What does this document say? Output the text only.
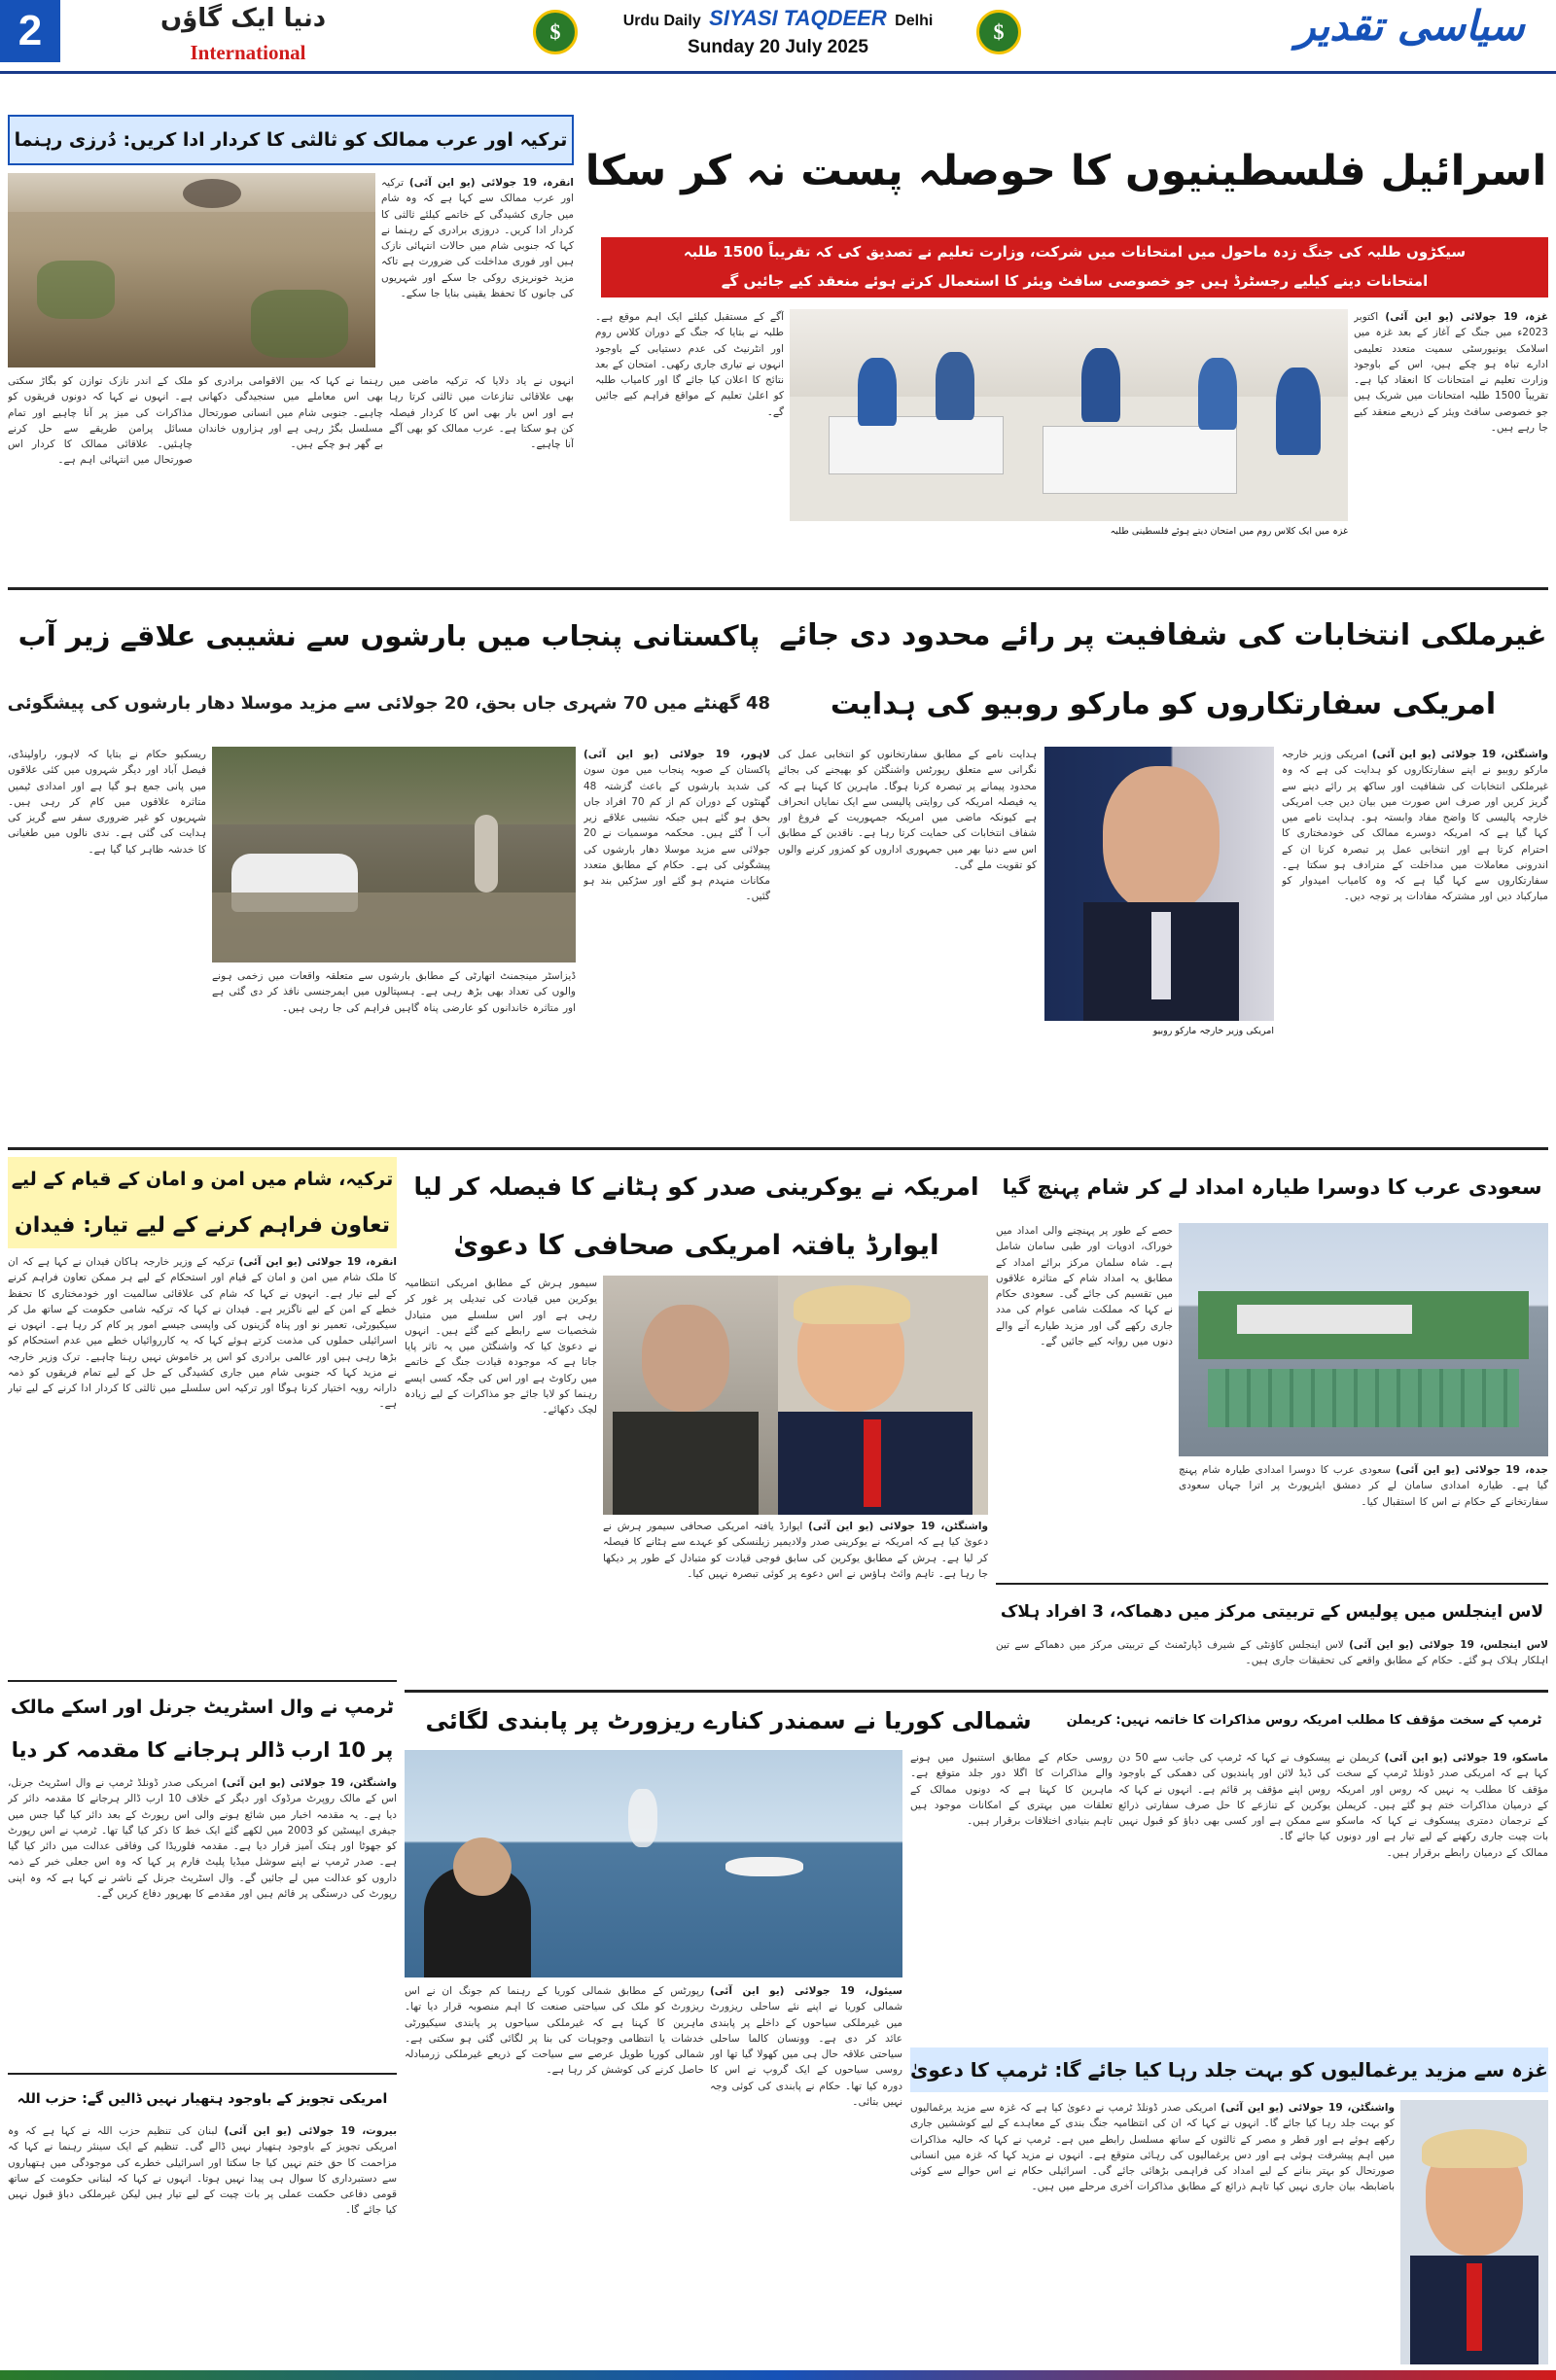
2	دنیا ایک گاؤں
International
$	Urdu Daily SIYASI TAQDEER Delhi
Sunday 20 July 2025
$	سیاسی تقدیر
ترکیہ اور عرب ممالک کو ثالثی کا کردار ادا کریں: دُرزی رہنما
انقرہ، 19 جولائی (یو این آئی) ترکیہ اور عرب ممالک سے کہا ہے کہ وہ شام میں جاری کشیدگی کے خاتمے کیلئے ثالثی کا کردار ادا کریں۔ دروزی برادری کے رہنما نے کہا کہ جنوبی شام میں حالات انتہائی نازک ہیں اور فوری مداخلت کی ضرورت ہے تاکہ مزید خونریزی روکی جا سکے اور شہریوں کی جانوں کا تحفظ یقینی بنایا جا سکے۔
ملک کے اندر نازک توازن کو بگاڑ سکتی ہے۔ انہوں نے کہا کہ دونوں فریقوں کو مذاکرات کی میز پر آنا چاہیے اور تمام مسائل پرامن طریقے سے حل کرنے چاہئیں۔ علاقائی ممالک کا کردار اس صورتحال میں انتہائی اہم ہے۔
رہنما نے کہا کہ بین الاقوامی برادری کو بھی اس معاملے میں سنجیدگی دکھانی چاہیے۔ جنوبی شام میں انسانی صورتحال مسلسل بگڑ رہی ہے اور ہزاروں خاندان بے گھر ہو چکے ہیں۔
انہوں نے یاد دلایا کہ ترکیہ ماضی میں بھی علاقائی تنازعات میں ثالثی کرتا رہا ہے اور اس بار بھی اس کا کردار فیصلہ کن ہو سکتا ہے۔ عرب ممالک کو بھی آگے آنا چاہیے۔
اسرائیل فلسطینیوں کا حوصلہ پست نہ کر سکا
سیکڑوں طلبہ کی جنگ زدہ ماحول میں امتحانات میں شرکت، وزارت تعلیم نے تصدیق کی کہ تقریباً 1500 طلبہ
امتحانات دینے کیلیے رجسٹرڈ ہیں جو خصوصی سافٹ ویئر کا استعمال کرتے ہوئے منعقد کیے جائیں گے
غزہ، 19 جولائی (یو این آئی) اکتوبر 2023ء میں جنگ کے آغاز کے بعد غزہ میں اسلامک یونیورسٹی سمیت متعدد تعلیمی ادارے تباہ ہو چکے ہیں، اس کے باوجود وزارت تعلیم نے امتحانات کا انعقاد کیا ہے۔ تقریباً 1500 طلبہ امتحانات میں شریک ہیں جو خصوصی سافٹ ویئر کے ذریعے منعقد کیے جا رہے ہیں۔
آگے کے مستقبل کیلئے ایک اہم موقع ہے۔ طلبہ نے بتایا کہ جنگ کے دوران کلاس روم اور انٹرنیٹ کی عدم دستیابی کے باوجود انہوں نے تیاری جاری رکھی۔ امتحان کے بعد نتائج کا اعلان کیا جائے گا اور کامیاب طلبہ کو اعلیٰ تعلیم کے مواقع فراہم کیے جائیں گے۔
غزہ میں ایک کلاس روم میں امتحان دیتے ہوئے فلسطینی طلبہ
غیرملکی انتخابات کی شفافیت پر رائے محدود دی جائے
امریکی سفارتکاروں کو مارکو روبیو کی ہدایت
امریکی وزیر خارجہ مارکو روبیو
واشنگٹن، 19 جولائی (یو این آئی) امریکی وزیر خارجہ مارکو روبیو نے اپنے سفارتکاروں کو ہدایت کی ہے کہ وہ غیرملکی انتخابات کی شفافیت اور ساکھ پر رائے دینے سے گریز کریں اور صرف اس صورت میں بیان دیں جب امریکی خارجہ پالیسی کا واضح مفاد وابستہ ہو۔ ہدایت نامے میں کہا گیا ہے کہ امریکہ دوسرے ممالک کی خودمختاری کا احترام کرتا ہے اور انتخابی عمل پر تبصرہ کرنا ان کے اندرونی معاملات میں مداخلت کے مترادف ہو سکتا ہے۔ سفارتکاروں سے کہا گیا ہے کہ وہ کامیاب امیدوار کو مبارکباد دیں اور مشترکہ مفادات پر توجہ دیں۔
ہدایت نامے کے مطابق سفارتخانوں کو انتخابی عمل کی نگرانی سے متعلق رپورٹس واشنگٹن کو بھیجنے کی بجائے محدود پیمانے پر تبصرہ کرنا ہوگا۔ ماہرین کا کہنا ہے کہ یہ فیصلہ امریکہ کی روایتی پالیسی سے ایک نمایاں انحراف ہے کیونکہ ماضی میں امریکہ جمہوریت کے فروغ اور شفاف انتخابات کی حمایت کرتا رہا ہے۔ ناقدین کے مطابق اس سے دنیا بھر میں جمہوری اداروں کو کمزور کرنے والوں کو تقویت ملے گی۔
پاکستانی پنجاب میں بارشوں سے نشیبی علاقے زیر آب
48 گھنٹے میں 70 شہری جاں بحق، 20 جولائی سے مزید موسلا دھار بارشوں کی پیشگوئی
لاہور، 19 جولائی (یو این آئی) پاکستان کے صوبہ پنجاب میں مون سون کی شدید بارشوں کے باعث گزشتہ 48 گھنٹوں کے دوران کم از کم 70 افراد جاں بحق ہو گئے ہیں جبکہ نشیبی علاقے زیر آب آ گئے ہیں۔ محکمہ موسمیات نے 20 جولائی سے مزید موسلا دھار بارشوں کی پیشگوئی کی ہے۔ حکام کے مطابق متعدد مکانات منہدم ہو گئے اور سڑکیں بند ہو گئیں۔
ریسکیو حکام نے بتایا کہ لاہور، راولپنڈی، فیصل آباد اور دیگر شہروں میں کئی علاقوں میں پانی جمع ہو گیا ہے اور امدادی ٹیمیں متاثرہ علاقوں میں کام کر رہی ہیں۔ شہریوں کو غیر ضروری سفر سے گریز کی ہدایت کی گئی ہے۔ ندی نالوں میں طغیانی کا خدشہ ظاہر کیا گیا ہے۔
ڈیزاسٹر مینجمنٹ اتھارٹی کے مطابق بارشوں سے متعلقہ واقعات میں زخمی ہونے والوں کی تعداد بھی بڑھ رہی ہے۔ ہسپتالوں میں ایمرجنسی نافذ کر دی گئی ہے اور متاثرہ خاندانوں کو عارضی پناہ گاہیں فراہم کی جا رہی ہیں۔
ترکیہ، شام میں امن و امان کے قیام کے لیے
تعاون فراہم کرنے کے لیے تیار: فیدان
انقرہ، 19 جولائی (یو این آئی) ترکیہ کے وزیر خارجہ ہاکان فیدان نے کہا ہے کہ ان کا ملک شام میں امن و امان کے قیام اور استحکام کے لیے ہر ممکن تعاون فراہم کرنے کے لیے تیار ہے۔ انہوں نے کہا کہ شام کی علاقائی سالمیت اور خودمختاری کا تحفظ خطے کے امن کے لیے ناگزیر ہے۔ فیدان نے کہا کہ ترکیہ شامی حکومت کے ساتھ مل کر سیکیورٹی، تعمیر نو اور پناہ گزینوں کی واپسی جیسے امور پر کام کر رہا ہے۔ انہوں نے اسرائیلی حملوں کی مذمت کرتے ہوئے کہا کہ یہ کارروائیاں خطے میں عدم استحکام کو بڑھا رہی ہیں اور عالمی برادری کو اس پر خاموش نہیں رہنا چاہیے۔ ترک وزیر خارجہ نے مزید کہا کہ جنوبی شام میں جاری کشیدگی کے حل کے لیے تمام فریقوں کو ذمہ دارانہ رویہ اختیار کرنا ہوگا اور ترکیہ اس سلسلے میں ثالثی کا کردار ادا کرنے کے لیے تیار ہے۔
ٹرمپ نے وال اسٹریٹ جرنل اور اسکے مالک
پر 10 ارب ڈالر ہرجانے کا مقدمہ کر دیا
واشنگٹن، 19 جولائی (یو این آئی) امریکی صدر ڈونلڈ ٹرمپ نے وال اسٹریٹ جرنل، اس کے مالک روپرٹ مرڈوک اور دیگر کے خلاف 10 ارب ڈالر ہرجانے کا مقدمہ دائر کر دیا ہے۔ یہ مقدمہ اخبار میں شائع ہونے والی اس رپورٹ کے بعد دائر کیا گیا جس میں جیفری ایپسٹین کو 2003 میں لکھے گئے ایک خط کا ذکر کیا گیا تھا۔ ٹرمپ نے اس رپورٹ کو جھوٹا اور ہتک آمیز قرار دیا ہے۔ مقدمہ فلوریڈا کی وفاقی عدالت میں دائر کیا گیا ہے۔ صدر ٹرمپ نے اپنے سوشل میڈیا پلیٹ فارم پر کہا کہ وہ اس جعلی خبر کے ذمہ داروں کو عدالت میں لے جائیں گے۔ وال اسٹریٹ جرنل کے ناشر نے کہا ہے کہ وہ اپنی رپورٹ کی درستگی پر قائم ہیں اور مقدمے کا بھرپور دفاع کریں گے۔
امریکی تجویز کے باوجود ہتھیار نہیں ڈالیں گے: حزب اللہ
بیروت، 19 جولائی (یو این آئی) لبنان کی تنظیم حزب اللہ نے کہا ہے کہ وہ امریکی تجویز کے باوجود ہتھیار نہیں ڈالے گی۔ تنظیم کے ایک سینئر رہنما نے کہا کہ مزاحمت کا حق ختم نہیں کیا جا سکتا اور اسرائیلی خطرے کی موجودگی میں ہتھیاروں سے دستبرداری کا سوال ہی پیدا نہیں ہوتا۔ انہوں نے کہا کہ لبنانی حکومت کے ساتھ قومی دفاعی حکمت عملی پر بات چیت کے لیے تیار ہیں لیکن غیرملکی دباؤ قبول نہیں کیا جائے گا۔
امریکہ نے یوکرینی صدر کو ہٹانے کا فیصلہ کر لیا
ایوارڈ یافتہ امریکی صحافی کا دعویٰ
سیمور ہرش کے مطابق امریکی انتظامیہ یوکرین میں قیادت کی تبدیلی پر غور کر رہی ہے اور اس سلسلے میں متبادل شخصیات سے رابطے کیے گئے ہیں۔ انہوں نے دعویٰ کیا کہ واشنگٹن میں یہ تاثر پایا جاتا ہے کہ موجودہ قیادت جنگ کے خاتمے میں رکاوٹ ہے اور اس کی جگہ کسی ایسے رہنما کو لایا جائے جو مذاکرات کے لیے زیادہ لچک دکھائے۔
واشنگٹن، 19 جولائی (یو این آئی) ایوارڈ یافتہ امریکی صحافی سیمور ہرش نے دعویٰ کیا ہے کہ امریکہ نے یوکرینی صدر ولادیمیر زیلنسکی کو عہدے سے ہٹانے کا فیصلہ کر لیا ہے۔ ہرش کے مطابق یوکرین کی سابق فوجی قیادت کو متبادل کے طور پر دیکھا جا رہا ہے۔ تاہم وائٹ ہاؤس نے اس دعوے پر کوئی تبصرہ نہیں کیا۔
سعودی عرب کا دوسرا طیارہ امداد لے کر شام پہنچ گیا
حصے کے طور پر پہنچنے والی امداد میں خوراک، ادویات اور طبی سامان شامل ہے۔ شاہ سلمان مرکز برائے امداد کے مطابق یہ امداد شام کے متاثرہ علاقوں میں تقسیم کی جائے گی۔ سعودی حکام نے کہا کہ مملکت شامی عوام کی مدد جاری رکھے گی اور مزید طیارے آنے والے دنوں میں روانہ کیے جائیں گے۔
جدہ، 19 جولائی (یو این آئی) سعودی عرب کا دوسرا امدادی طیارہ شام پہنچ گیا ہے۔ طیارہ امدادی سامان لے کر دمشق ایئرپورٹ پر اترا جہاں سعودی سفارتخانے کے حکام نے اس کا استقبال کیا۔
لاس اینجلس میں پولیس کے تربیتی مرکز میں دھماکہ، 3 افراد ہلاک
لاس اینجلس، 19 جولائی (یو این آئی) لاس اینجلس کاؤنٹی کے شیرف ڈپارٹمنٹ کے تربیتی مرکز میں دھماکے سے تین اہلکار ہلاک ہو گئے۔ حکام کے مطابق واقعے کی تحقیقات جاری ہیں۔
ٹرمپ کے سخت مؤقف کا مطلب امریکہ روس مذاکرات کا خاتمہ نہیں: کریملن
ماسکو، 19 جولائی (یو این آئی) کریملن نے کہا ہے کہ امریکی صدر ڈونلڈ ٹرمپ کے سخت مؤقف کا مطلب یہ نہیں کہ روس اور امریکہ کے درمیان مذاکرات ختم ہو گئے ہیں۔ کریملن کے ترجمان دمتری پیسکوف نے کہا کہ ماسکو بات چیت جاری رکھنے کے لیے تیار ہے اور دونوں ممالک کے درمیان رابطے برقرار ہیں۔
پیسکوف نے کہا کہ ٹرمپ کی جانب سے 50 دن کی ڈیڈ لائن اور پابندیوں کی دھمکی کے باوجود روس اپنے مؤقف پر قائم ہے۔ انہوں نے کہا کہ یوکرین کے تنازعے کا حل صرف سفارتی ذرائع سے ممکن ہے اور کسی بھی دباؤ کو قبول نہیں کیا جائے گا۔
روسی حکام کے مطابق استنبول میں ہونے والے مذاکرات کا اگلا دور جلد متوقع ہے۔ ماہرین کا کہنا ہے کہ دونوں ممالک کے تعلقات میں بہتری کے امکانات موجود ہیں تاہم بنیادی اختلافات برقرار ہیں۔
شمالی کوریا نے سمندر کنارے ریزورٹ پر پابندی لگائی
سیئول، 19 جولائی (یو این آئی) شمالی کوریا نے اپنے نئے ساحلی ریزورٹ میں غیرملکی سیاحوں کے داخلے پر پابندی عائد کر دی ہے۔ وونسان کالما ساحلی سیاحتی علاقہ حال ہی میں کھولا گیا تھا اور روسی سیاحوں کے ایک گروپ نے اس کا دورہ کیا تھا۔ حکام نے پابندی کی کوئی وجہ نہیں بتائی۔
رپورٹس کے مطابق شمالی کوریا کے رہنما کم جونگ ان نے اس ریزورٹ کو ملک کی سیاحتی صنعت کا اہم منصوبہ قرار دیا تھا۔ ماہرین کا کہنا ہے کہ غیرملکی سیاحوں پر پابندی سیکیورٹی خدشات یا انتظامی وجوہات کی بنا پر لگائی گئی ہو سکتی ہے۔ شمالی کوریا طویل عرصے سے سیاحت کے ذریعے غیرملکی زرمبادلہ حاصل کرنے کی کوشش کر رہا ہے۔	غزہ سے مزید یرغمالیوں کو بہت جلد رہا کیا جائے گا: ٹرمپ کا دعویٰ
واشنگٹن، 19 جولائی (یو این آئی) امریکی صدر ڈونلڈ ٹرمپ نے دعویٰ کیا ہے کہ غزہ سے مزید یرغمالیوں کو بہت جلد رہا کیا جائے گا۔ انہوں نے کہا کہ ان کی انتظامیہ جنگ بندی کے معاہدے کے لیے کوششیں جاری رکھے ہوئے ہے اور قطر و مصر کے ثالثوں کے ساتھ مسلسل رابطے میں ہے۔ ٹرمپ نے کہا کہ حالیہ مذاکرات میں اہم پیشرفت ہوئی ہے اور دس یرغمالیوں کی رہائی متوقع ہے۔ انہوں نے مزید کہا کہ غزہ میں انسانی صورتحال کو بہتر بنانے کے لیے امداد کی فراہمی بڑھائی جائے گی۔ اسرائیلی حکام نے اس حوالے سے کوئی باضابطہ بیان جاری نہیں کیا تاہم ذرائع کے مطابق مذاکرات آخری مرحلے میں ہیں۔
